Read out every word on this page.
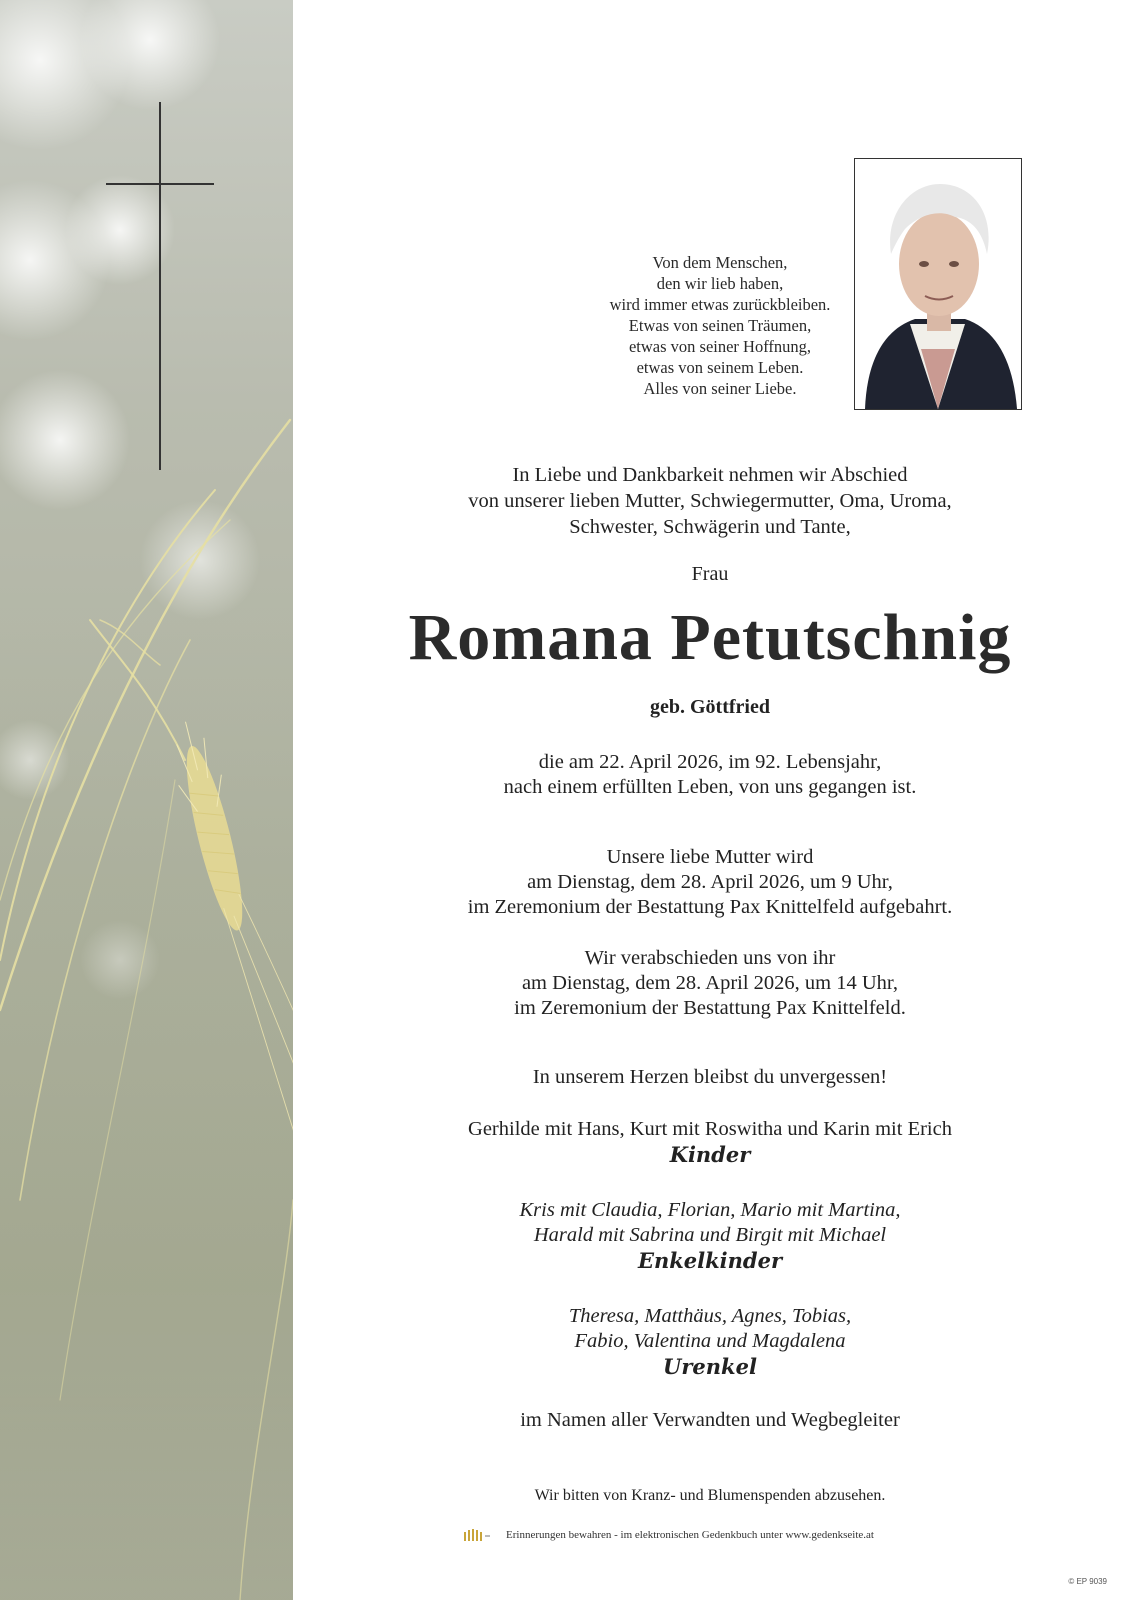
Von dem Menschen,
den wir lieb haben,
wird immer etwas zurückbleiben.
Etwas von seinen Träumen,
etwas von seiner Hoffnung,
etwas von seinem Leben.
Alles von seiner Liebe.
In Liebe und Dankbarkeit nehmen wir Abschied
von unserer lieben Mutter, Schwiegermutter, Oma, Uroma,
Schwester, Schwägerin und Tante,
Frau
Romana Petutschnig
geb. Göttfried
die am 22. April 2026, im 92. Lebensjahr,
nach einem erfüllten Leben, von uns gegangen ist.
Unsere liebe Mutter wird
am Dienstag, dem 28. April 2026, um 9 Uhr,
im Zeremonium der Bestattung Pax Knittelfeld aufgebahrt.
Wir verabschieden uns von ihr
am Dienstag, dem 28. April 2026, um 14 Uhr,
im Zeremonium der Bestattung Pax Knittelfeld.
In unserem Herzen bleibst du unvergessen!
Gerhilde mit Hans, Kurt mit Roswitha und Karin mit Erich
Kinder
Kris mit Claudia, Florian, Mario mit Martina,
Harald mit Sabrina und Birgit mit Michael
Enkelkinder
Theresa, Matthäus, Agnes, Tobias,
Fabio, Valentina und Magdalena
Urenkel
im Namen aller Verwandten und Wegbegleiter
Wir bitten von Kranz- und Blumenspenden abzusehen.
Erinnerungen bewahren - im elektronischen Gedenkbuch unter www.gedenkseite.at
© EP 9039
